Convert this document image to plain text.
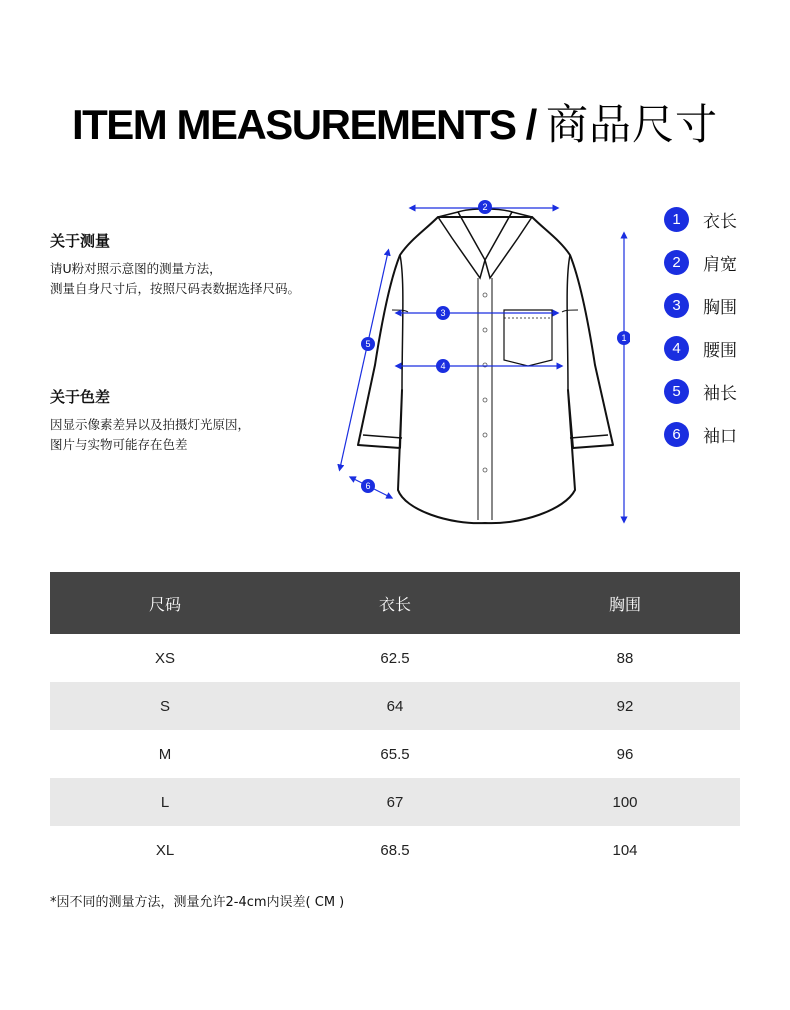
ITEM MEASUREMENTS / 商品尺寸
关于测量

请U粉对照示意图的测量方法，

测量自身尺寸后，按照尺码表数据选择尺码。

关于色差

因显示像素差异以及拍摄灯光原因，

图片与实物可能存在色差

2
3
4
1
5
6
1	衣长
2	肩宽
3	胸围
4	腰围
5	袖长
6	袖口
尺码	衣长	胸围
XS	62.5	88
S	64	92
M	65.5	96
L	67	100
XL	68.5	104
*因不同的测量方法，测量允许2-4cm内误差( CM )
